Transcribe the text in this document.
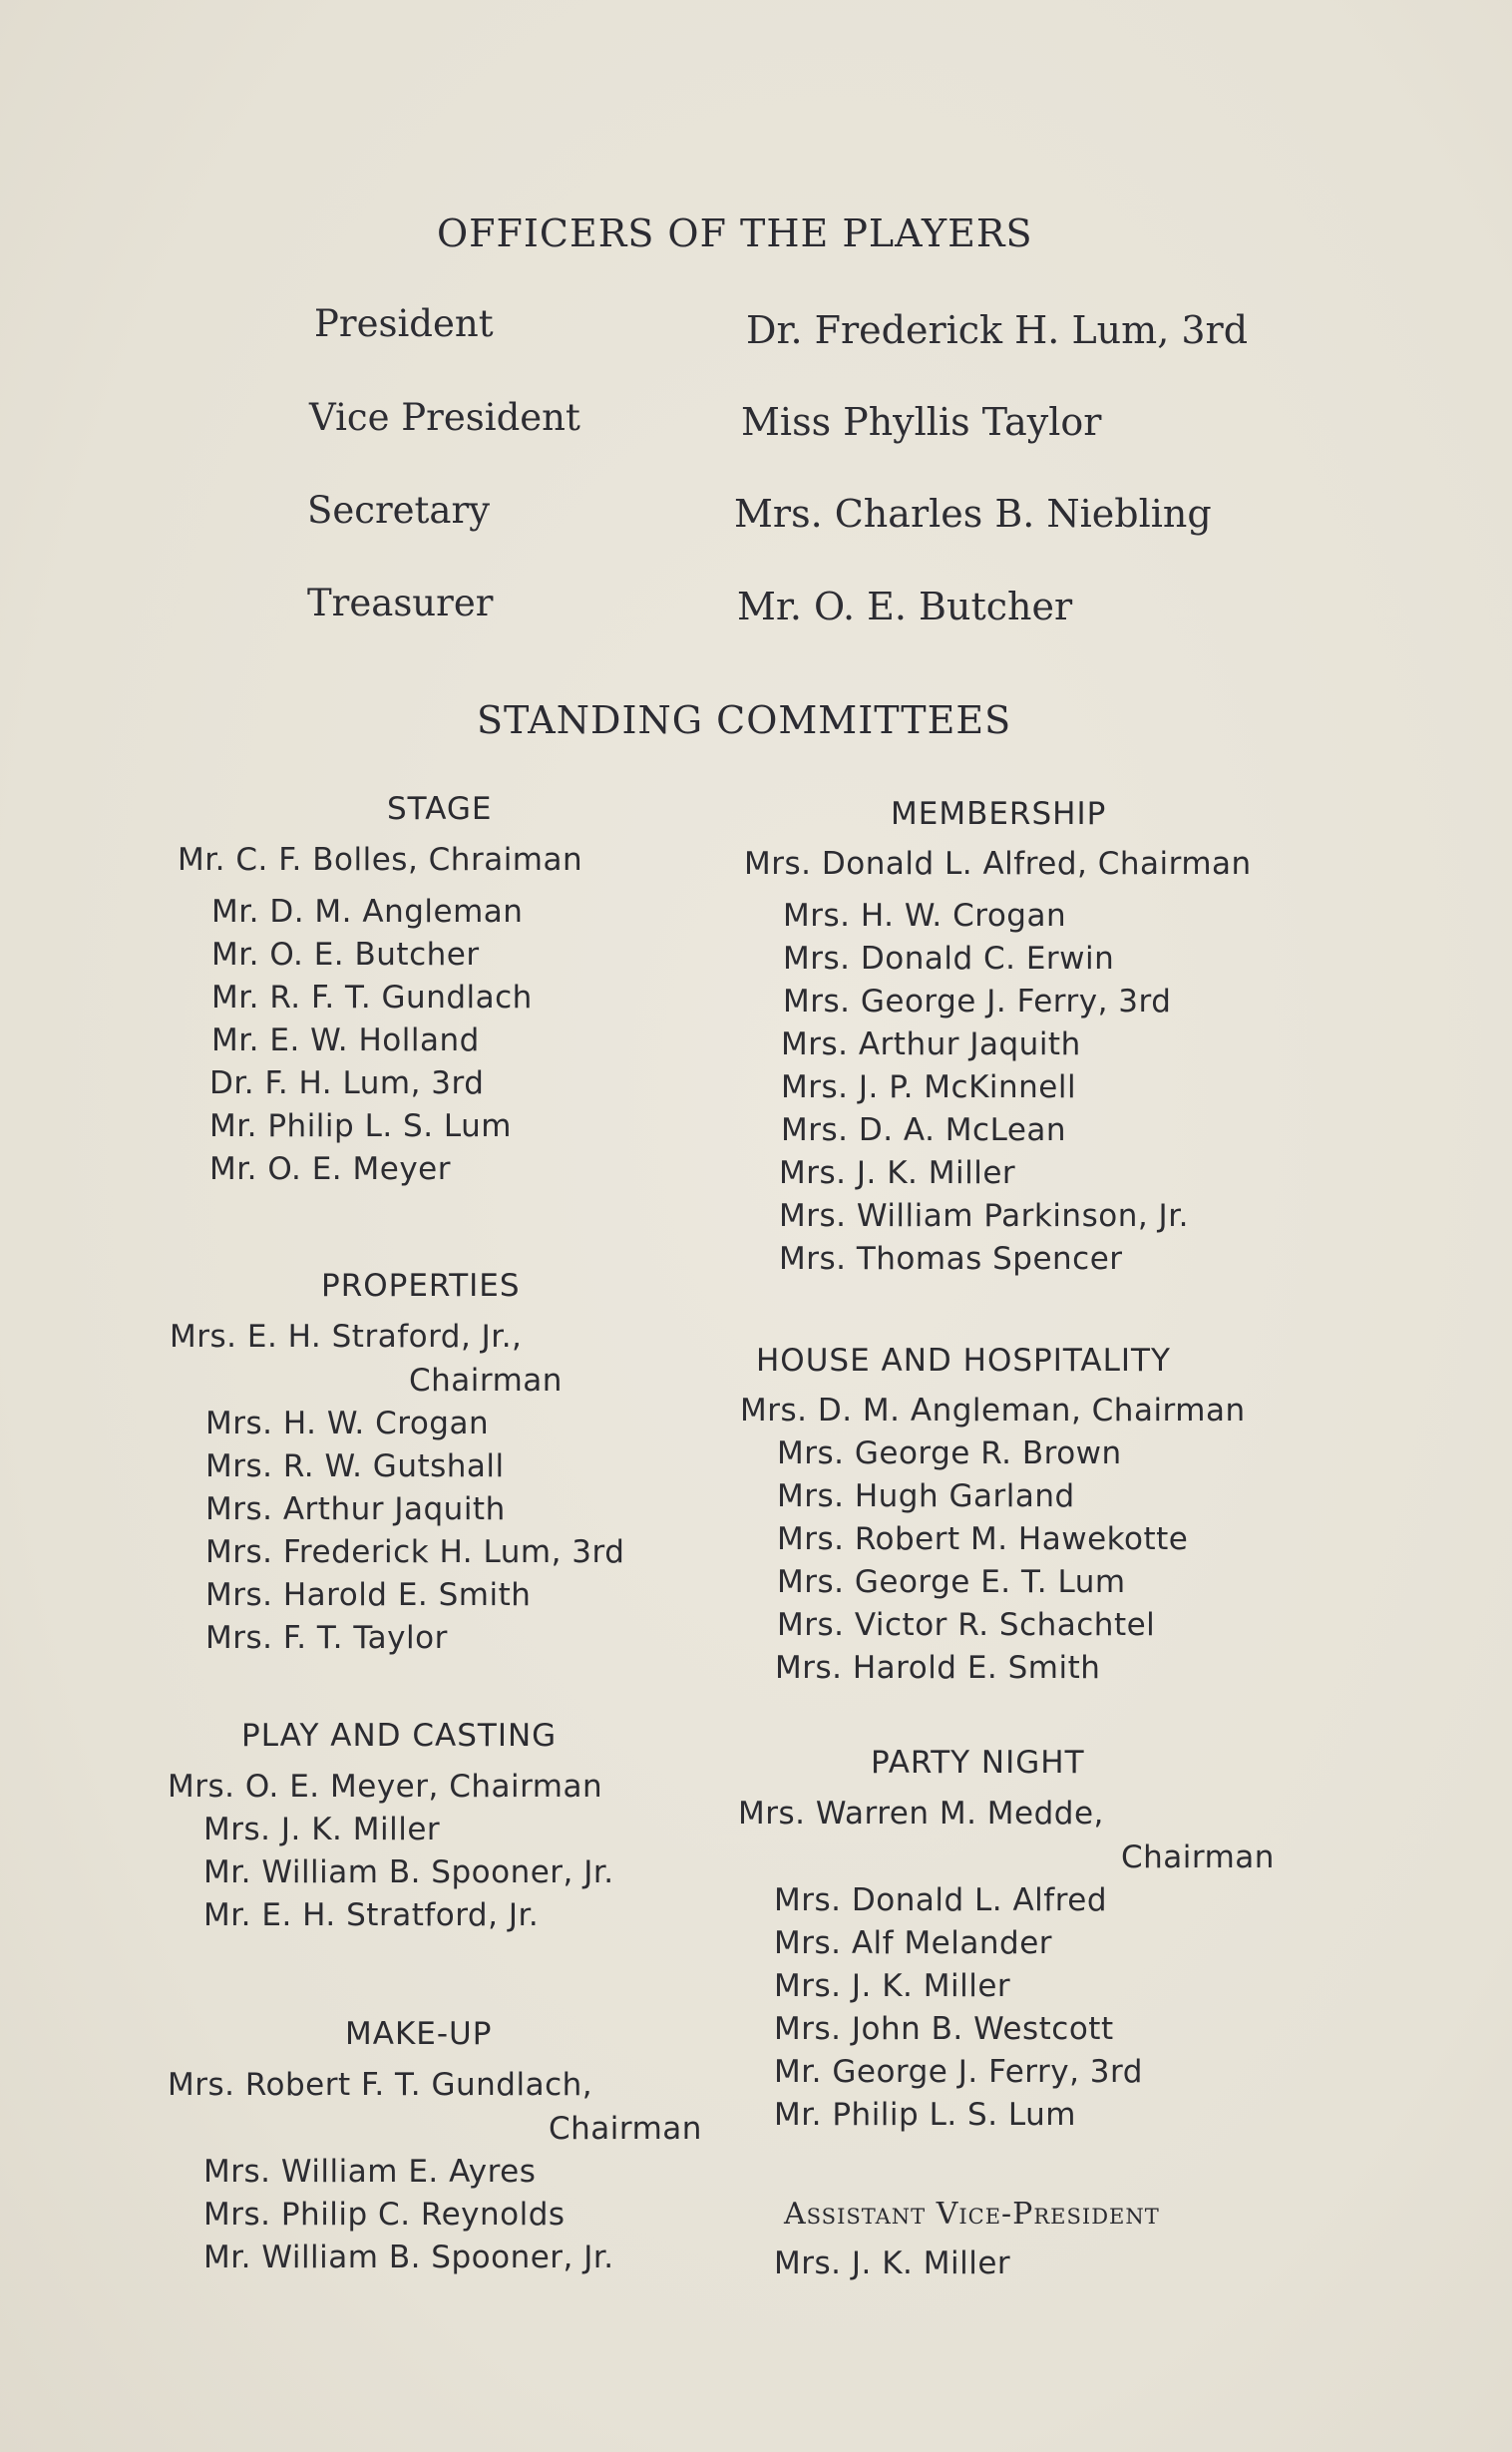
OFFICERS OF THE PLAYERS
President	Dr. Frederick H. Lum, 3rd
Vice President	Miss Phyllis Taylor
Secretary	Mrs. Charles B. Niebling
Treasurer	Mr. O. E. Butcher
STANDING COMMITTEES
STAGE
Mr. C. F. Bolles, Chraiman
Mr. D. M. Angleman
Mr. O. E. Butcher
Mr. R. F. T. Gundlach
Mr. E. W. Holland
Dr. F. H. Lum, 3rd
Mr. Philip L. S. Lum
Mr. O. E. Meyer
PROPERTIES
Mrs. E. H. Straford, Jr.,
Chairman
Mrs. H. W. Crogan
Mrs. R. W. Gutshall
Mrs. Arthur Jaquith
Mrs. Frederick H. Lum, 3rd
Mrs. Harold E. Smith
Mrs. F. T. Taylor
PLAY AND CASTING
Mrs. O. E. Meyer, Chairman
Mrs. J. K. Miller
Mr. William B. Spooner, Jr.
Mr. E. H. Stratford, Jr.
MAKE-UP
Mrs. Robert F. T. Gundlach,
Chairman
Mrs. William E. Ayres
Mrs. Philip C. Reynolds
Mr. William B. Spooner, Jr.
MEMBERSHIP
Mrs. Donald L. Alfred, Chairman
Mrs. H. W. Crogan
Mrs. Donald C. Erwin
Mrs. George J. Ferry, 3rd
Mrs. Arthur Jaquith
Mrs. J. P. McKinnell
Mrs. D. A. McLean
Mrs. J. K. Miller
Mrs. William Parkinson, Jr.
Mrs. Thomas Spencer
HOUSE AND HOSPITALITY
Mrs. D. M. Angleman, Chairman
Mrs. George R. Brown
Mrs. Hugh Garland
Mrs. Robert M. Hawekotte
Mrs. George E. T. Lum
Mrs. Victor R. Schachtel
Mrs. Harold E. Smith
PARTY NIGHT
Mrs. Warren M. Medde,
Chairman
Mrs. Donald L. Alfred
Mrs. Alf Melander
Mrs. J. K. Miller
Mrs. John B. Westcott
Mr. George J. Ferry, 3rd
Mr. Philip L. S. Lum
Assistant Vice-President
Mrs. J. K. Miller
